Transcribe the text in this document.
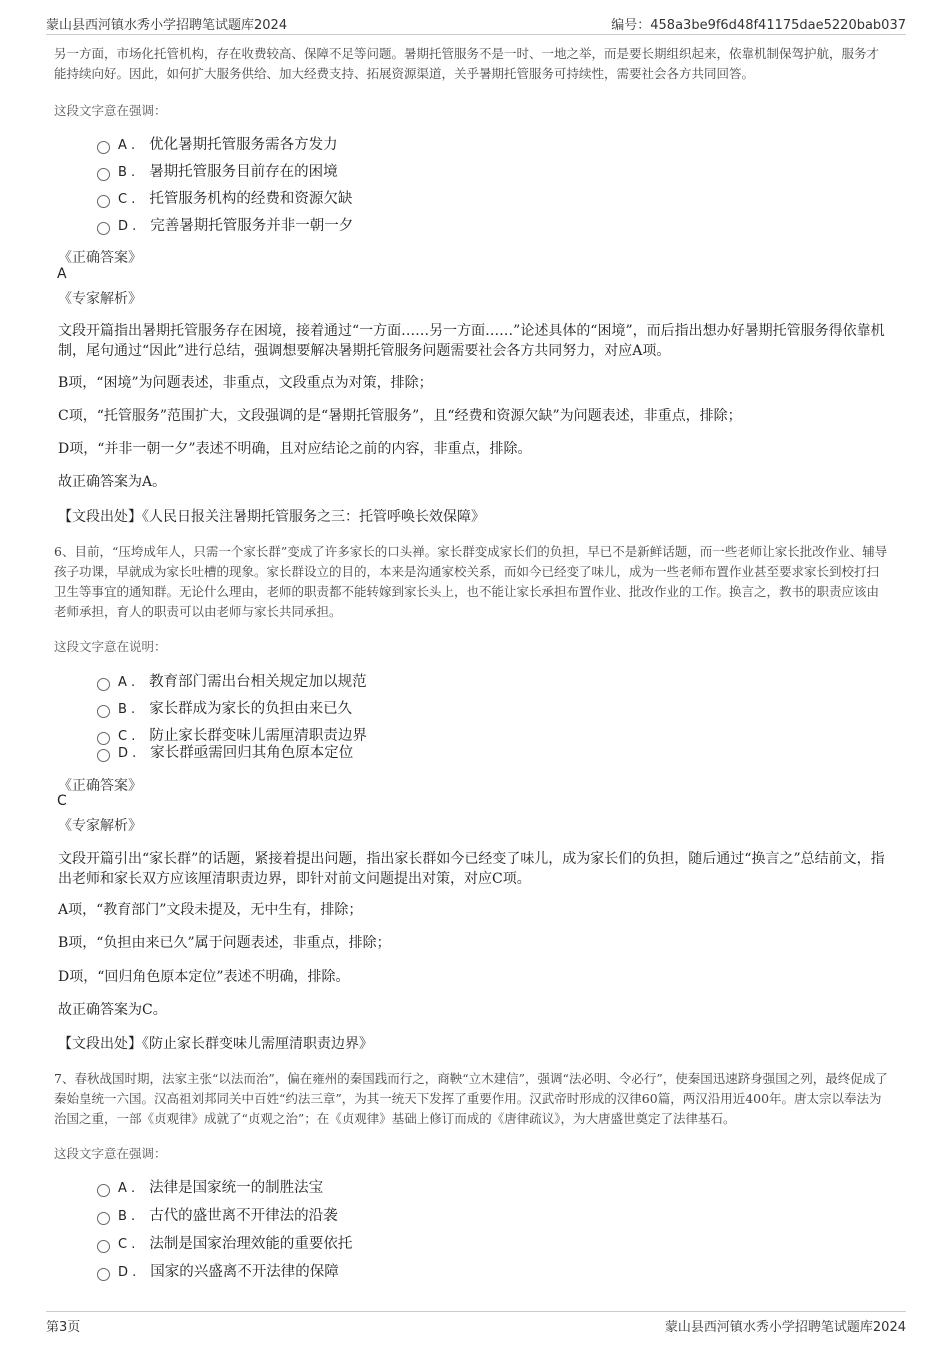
蒙山县西河镇水秀小学招聘笔试题库2024	编号：458a3be9f6d48f41175dae5220bab037
另一方面，市场化托管机构，存在收费较高、保障不足等问题。暑期托管服务不是一时、一地之举，而是要长期组织起来，依靠机制保驾护航，服务才能持续向好。因此，如何扩大服务供给、加大经费支持、拓展资源渠道，关乎暑期托管服务可持续性，需要社会各方共同回答。
这段文字意在强调：
A . 优化暑期托管服务需各方发力
B . 暑期托管服务目前存在的困境
C . 托管服务机构的经费和资源欠缺
D . 完善暑期托管服务并非一朝一夕
《正确答案》
A
《专家解析》
文段开篇指出暑期托管服务存在困境，接着通过“一方面……另一方面……”论述具体的“困境”，而后指出想办好暑期托管服务得依靠机制，尾句通过“因此”进行总结，强调想要解决暑期托管服务问题需要社会各方共同努力，对应A项。
B项，“困境”为问题表述，非重点，文段重点为对策，排除；
C项，“托管服务”范围扩大，文段强调的是“暑期托管服务”，且“经费和资源欠缺”为问题表述，非重点，排除；
D项，“并非一朝一夕”表述不明确，且对应结论之前的内容，非重点，排除。
故正确答案为A。
【文段出处】《人民日报关注暑期托管服务之三：托管呼唤长效保障》
6、目前，“压垮成年人，只需一个家长群”变成了许多家长的口头禅。家长群变成家长们的负担，早已不是新鲜话题，而一些老师让家长批改作业、辅导孩子功课，早就成为家长吐槽的现象。家长群设立的目的，本来是沟通家校关系，而如今已经变了味儿，成为一些老师布置作业甚至要求家长到校打扫卫生等事宜的通知群。无论什么理由，老师的职责都不能转嫁到家长头上，也不能让家长承担布置作业、批改作业的工作。换言之，教书的职责应该由老师承担，育人的职责可以由老师与家长共同承担。
这段文字意在说明：
A . 教育部门需出台相关规定加以规范
B . 家长群成为家长的负担由来已久
C . 防止家长群变味儿需厘清职责边界
D . 家长群亟需回归其角色原本定位
《正确答案》
C
《专家解析》
文段开篇引出“家长群”的话题，紧接着提出问题，指出家长群如今已经变了味儿，成为家长们的负担，随后通过“换言之”总结前文，指出老师和家长双方应该厘清职责边界，即针对前文问题提出对策，对应C项。
A项，“教育部门”文段未提及，无中生有，排除；
B项，“负担由来已久”属于问题表述，非重点，排除；
D项，“回归角色原本定位”表述不明确，排除。
故正确答案为C。
【文段出处】《防止家长群变味儿需厘清职责边界》
7、春秋战国时期，法家主张“以法而治”，偏在雍州的秦国践而行之，商鞅“立木建信”，强调“法必明、令必行”，使秦国迅速跻身强国之列，最终促成了秦始皇统一六国。汉高祖刘邦同关中百姓“约法三章”，为其一统天下发挥了重要作用。汉武帝时形成的汉律60篇，两汉沿用近400年。唐太宗以奉法为治国之重，一部《贞观律》成就了“贞观之治”；在《贞观律》基础上修订而成的《唐律疏议》，为大唐盛世奠定了法律基石。
这段文字意在强调：
A . 法律是国家统一的制胜法宝
B . 古代的盛世离不开律法的沿袭
C . 法制是国家治理效能的重要依托
D . 国家的兴盛离不开法律的保障
第3页	蒙山县西河镇水秀小学招聘笔试题库2024
